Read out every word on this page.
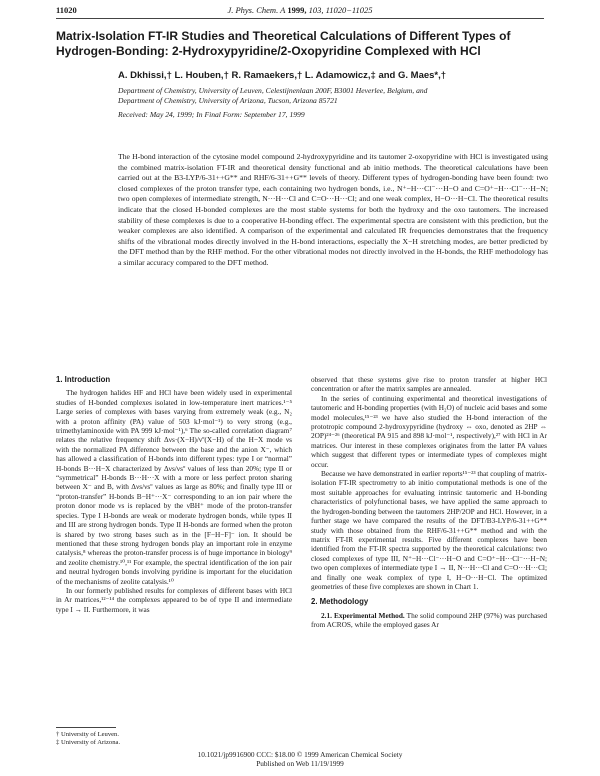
11020	J. Phys. Chem. A 1999, 103, 11020−11025
Matrix-Isolation FT-IR Studies and Theoretical Calculations of Different Types of Hydrogen-Bonding: 2-Hydroxypyridine/2-Oxopyridine Complexed with HCl
A. Dkhissi,† L. Houben,† R. Ramaekers,† L. Adamowicz,‡ and G. Maes*,†
Department of Chemistry, University of Leuven, Celestijnenlaan 200F, B3001 Heverlee, Belgium, and
Department of Chemistry, University of Arizona, Tucson, Arizona 85721
Received: May 24, 1999; In Final Form: September 17, 1999

The H-bond interaction of the cytosine model compound 2-hydroxypyridine and its tautomer 2-oxopyridine with HCl is investigated using the combined matrix-isolation FT-IR and theoretical density functional and ab initio methods. The theoretical calculations have been carried out at the B3-LYP/6-31++G** and RHF/6-31++G** levels of theory. Different types of hydrogen-bonding have been found: two closed complexes of the proton transfer type, each containing two hydrogen bonds, i.e., N⁺−H···Cl⁻···H−O and C=O⁺−H···Cl⁻···H−N; two open complexes of intermediate strength, N···H···Cl and C=O···H···Cl; and one weak complex, H−O···H−Cl. The theoretical results indicate that the closed H-bonded complexes are the most stable systems for both the hydroxy and the oxo tautomers. The increased stability of these complexes is due to a cooperative H-bonding effect. The experimental spectra are consistent with this prediction, but the weaker complexes are also identified. A comparison of the experimental and calculated IR frequencies demonstrates that the frequency shifts of the vibrational modes directly involved in the H-bond interactions, especially the X−H stretching modes, are better predicted by the DFT method than by the RHF method. For the other vibrational modes not directly involved in the H-bonds, the RHF methodology has a similar accuracy compared to the DFT method.

1. Introduction

The hydrogen halides HF and HCl have been widely used in experimental studies of H-bonded complexes isolated in low-temperature inert matrices.¹⁻⁵ Large series of complexes with bases varying from extremely weak (e.g., N₂ with a proton affinity (PA) value of 503 kJ·mol⁻¹) to very strong (e.g., trimethylaminoxide with PA 999 kJ·mol⁻¹),⁶ The so-called correlation diagram⁷ relates the relative frequency shift Δνs·(X−H)/νº(X−H) of the H−X mode νs with the normalized PA difference between the base and the anion X⁻, which has allowed a classification of H-bonds into different types: type I or “normal” H-bonds B···H−X characterized by Δνs/νsº values of less than 20%; type II or “symmetrical” H-bonds B···H···X with a more or less perfect proton sharing between X⁻ and B, with Δνs/νsº values as large as 80%; and finally type III or “proton-transfer” H-bonds B−H⁺···X⁻ corresponding to an ion pair where the proton donor mode νs is replaced by the νBH⁺ mode of the proton-transfer species. Type I H-bonds are weak or moderate hydrogen bonds, while types II and III are strong hydrogen bonds. Type II H-bonds are formed when the proton is shared by two strong bases such as in the [F−H−F]⁻ ion. It should be mentioned that these strong hydrogen bonds play an important role in enzyme catalysis,⁸ whereas the proton-transfer process is of huge importance in biology⁹ and zeolite chemistry.¹⁰,¹¹ For example, the spectral identification of the ion pair and neutral hydrogen bonds involving pyridine is important for the elucidation of the mechanisms of zeolite catalysis.¹⁰

In our formerly published results for complexes of different bases with HCl in Ar matrices,¹²⁻¹⁴ the complexes appeared to be of type II and intermediate type I → II. Furthermore, it was

observed that these systems give rise to proton transfer at higher HCl concentration or after the matrix samples are annealed.

In the series of continuing experimental and theoretical investigations of tautomeric and H-bonding properties (with H₂O) of nucleic acid bases and some model molecules,¹⁵⁻²³ we have also studied the H-bond interaction of the prototropic compound 2-hydroxypyridine (hydroxy ⇔ oxo, denoted as 2HP ⇔ 2OP)²⁴⁻²⁶ (theoretical PA 915 and 898 kJ·mol⁻¹, respectively),²⁷ with HCl in Ar matrices. Our interest in these complexes originates from the latter PA values which suggest that different types or intermediate types of complexes might occur.

Because we have demonstrated in earlier reports¹⁵⁻²³ that coupling of matrix-isolation FT-IR spectrometry to ab initio computational methods is one of the most suitable approaches for evaluating intrinsic tautomeric and H-bonding characteristics of polyfunctional bases, we have applied the same approach to the hydrogen-bonding between the tautomers 2HP/2OP and HCl. However, in a further stage we have compared the results of the DFT/B3-LYP/6-31++G** study with those obtained from the RHF/6-31++G** method and with the matrix FT-IR experimental results. Five different complexes have been identified from the FT-IR spectra supported by the theoretical calculations: two closed complexes of type III, N⁺−H···Cl⁻···H−O and C=O⁺−H···Cl⁻···H−N; two open complexes of intermediate type I → II, N···H···Cl and C=O···H···Cl; and finally one weak complex of type I, H−O···H−Cl. The optimized geometries of these five complexes are shown in Chart 1.

2. Methodology

2.1. Experimental Method. The solid compound 2HP (97%) was purchased from ACROS, while the employed gases Ar

† University of Leuven.
‡ University of Arizona.
10.1021/jp9916900 CCC: $18.00 © 1999 American Chemical Society
Published on Web 11/19/1999
